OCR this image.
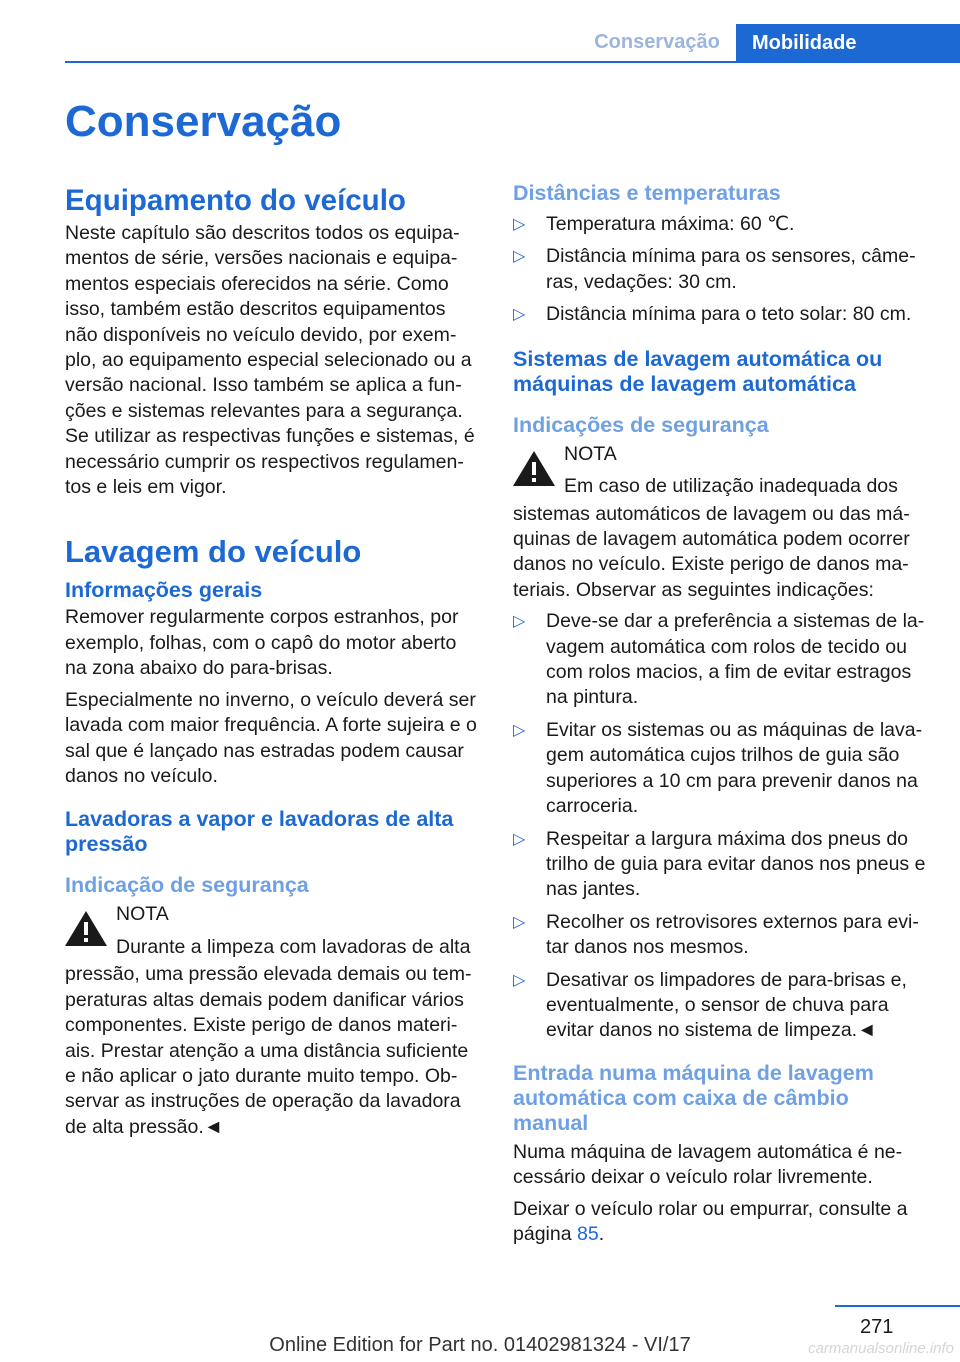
Conservação	Mobilidade
Conservação
Equipamento do veículo

Neste capítulo são descritos todos os equipamentos de série, versões nacionais e equipamentos especiais oferecidos na série. Como isso, também estão descritos equipamentos não disponíveis no veículo devido, por exemplo, ao equipamento especial selecionado ou a versão nacional. Isso também se aplica a funções e sistemas relevantes para a segurança. Se utilizar as respectivas funções e sistemas, é necessário cumprir os respectivos regulamentos e leis em vigor.

Lavagem do veículo
Informações gerais

Remover regularmente corpos estranhos, por exemplo, folhas, com o capô do motor aberto na zona abaixo do para-brisas.

Especialmente no inverno, o veículo deverá ser lavada com maior frequência. A forte sujeira e o sal que é lançado nas estradas podem causar danos no veículo.

Lavadoras a vapor e lavadoras de alta pressão
Indicação de segurança
NOTA
Durante a limpeza com lavadoras de alta

pressão, uma pressão elevada demais ou temperaturas altas demais podem danificar vários componentes. Existe perigo de danos materiais. Prestar atenção a uma distância suficiente e não aplicar o jato durante muito tempo. Observar as instruções de operação da lavadora de alta pressão.◄

Distâncias e temperaturas
▷ Temperatura máxima: 60 ℃.
▷ Distância mínima para os sensores, câmeras, vedações: 30 cm.
▷ Distância mínima para o teto solar: 80 cm.
Sistemas de lavagem automática ou máquinas de lavagem automática
Indicações de segurança
NOTA
Em caso de utilização inadequada dos

sistemas automáticos de lavagem ou das máquinas de lavagem automática podem ocorrer danos no veículo. Existe perigo de danos materiais. Observar as seguintes indicações:

▷ Deve-se dar a preferência a sistemas de lavagem automática com rolos de tecido ou com rolos macios, a fim de evitar estragos na pintura.
▷ Evitar os sistemas ou as máquinas de lavagem automática cujos trilhos de guia são superiores a 10 cm para prevenir danos na carroceria.
▷ Respeitar a largura máxima dos pneus do trilho de guia para evitar danos nos pneus e nas jantes.
▷ Recolher os retrovisores externos para evitar danos nos mesmos.
▷ Desativar os limpadores de para-brisas e, eventualmente, o sensor de chuva para evitar danos no sistema de limpeza.◄
Entrada numa máquina de lavagem automática com caixa de câmbio manual

Numa máquina de lavagem automática é necessário deixar o veículo rolar livremente.

Deixar o veículo rolar ou empurrar, consulte a página 85.

271
Online Edition for Part no. 01402981324 - VI/17	carmanualsonline.info
